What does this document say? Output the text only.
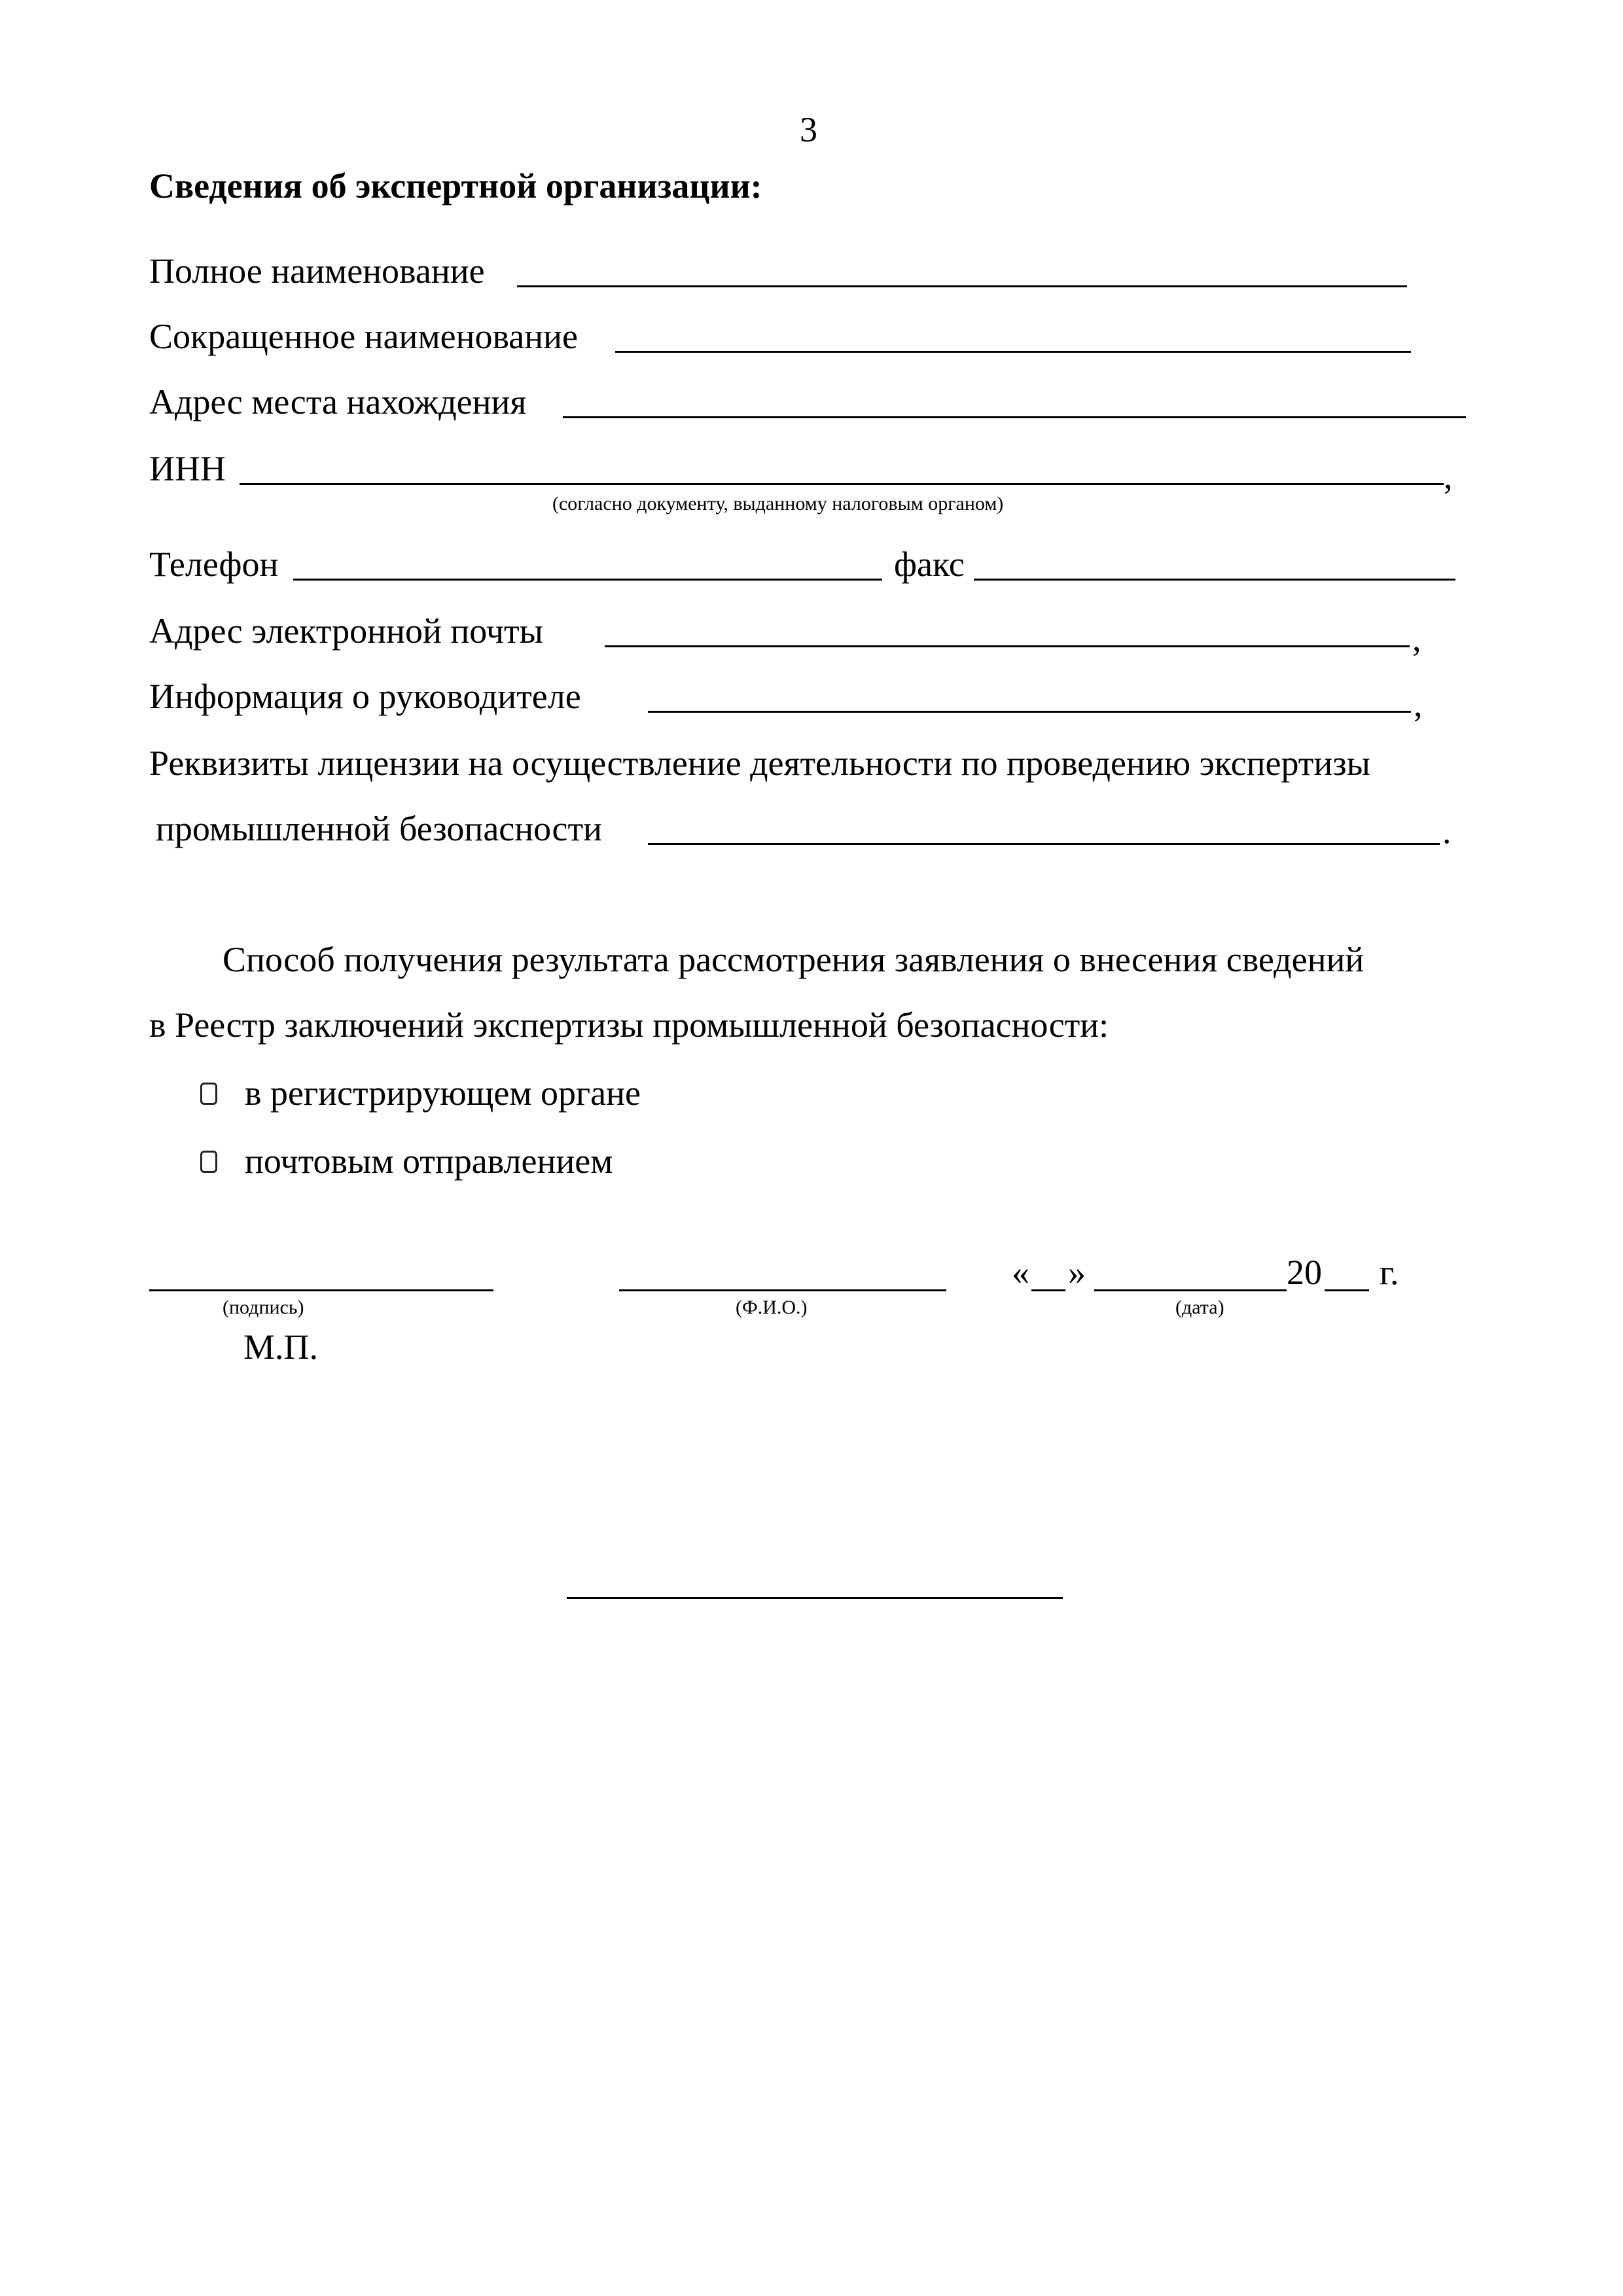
3
Сведения об экспертной организации:
Полное наименование
Сокращенное наименование
Адрес места нахождения
ИНН	,
(согласно документу, выданному налоговым органом)
Телефон	факс
Адрес электронной почты	,
Информация о руководителе	,
Реквизиты лицензии на осуществление деятельности по проведению экспертизы
промышленной безопасности	.
Способ получения результата рассмотрения заявления о внесения сведений
в Реестр заключений экспертизы промышленной безопасности:
в регистрирующем органе
почтовым отправлением
(подпись)
М.П.
(Ф.И.О.)
« »	20 г.
(дата)
